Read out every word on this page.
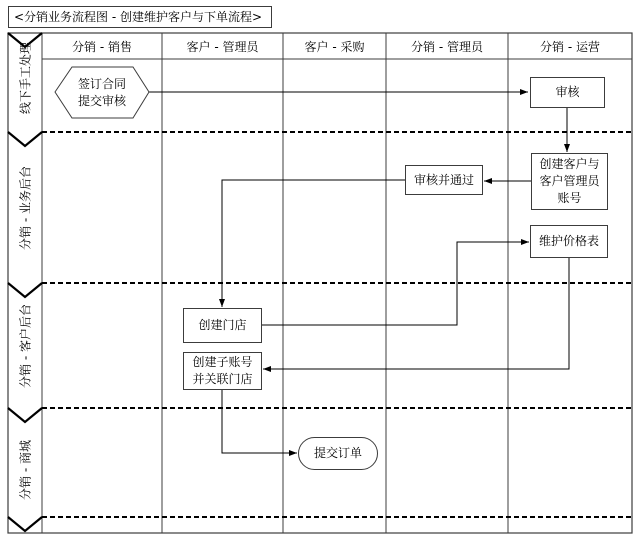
<分销业务流程图 - 创建维护客户与下单流程>
分销 - 销售	客户 - 管理员	客户 - 采购	分销 - 管理员	分销 - 运营
线下手工处理
分销 - 业务后台
分销 - 客户后台
分销 - 商城
签订合同
提交审核
审核
创建客户与
客户管理员
账号
审核并通过
维护价格表
创建门店
创建子账号
并关联门店
提交订单
